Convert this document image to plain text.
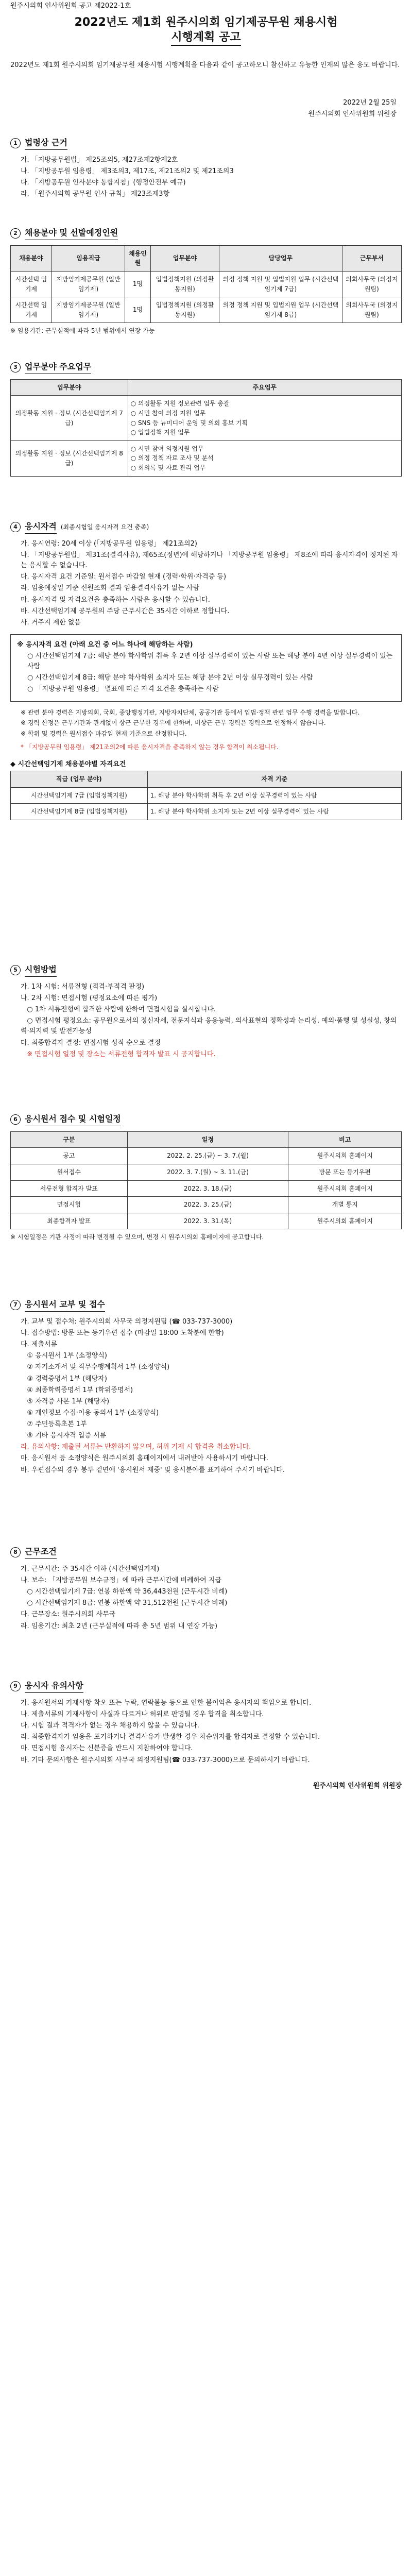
원주시의회 인사위원회 공고 제2022-1호
2022년도 제1회 원주시의회 임기제공무원 채용시험
시행계획 공고
2022년도 제1회 원주시의회 임기제공무원 채용시험 시행계획을 다음과 같이 공고하오니 참신하고 유능한 인재의 많은 응모 바랍니다.
2022년 2월 25일
원주시의회 인사위원회 위원장
1 법령상 근거
가. 「지방공무원법」 제25조의5, 제27조제2항제2호
나. 「지방공무원 임용령」 제3조의3, 제17조, 제21조의2 및 제21조의3
다. 「지방공무원 인사분야 통합지침」(행정안전부 예규)
라. 「원주시의회 공무원 인사 규칙」 제23조제3항
2 채용분야 및 선발예정인원
채용분야	임용직급	채용인원	업무분야	담당업무	근무부서
시간선택 임기제	지방임기제공무원 (일반임기제)	1명	입법정책지원 (의정활동지원)	의정 정책 지원 및 입법지원 업무 (시간선택임기제 7급)	의회사무국 (의정지원팀)
시간선택 임기제	지방임기제공무원 (일반임기제)	1명	입법정책지원 (의정활동지원)	의정 정책 지원 및 입법지원 업무 (시간선택임기제 8급)	의회사무국 (의정지원팀)
※ 임용기간: 근무실적에 따라 5년 범위에서 연장 가능
3 업무분야 주요업무
업무분야	주요업무
의정활동 지원 · 정보 (시간선택임기제 7급)	○ 의정활동 지원 정보관련 업무 총괄
○ 시민 참여 의정 지원 업무
○ SNS 등 뉴미디어 운영 및 의회 홍보 기획
○ 입법정책 지원 업무
의정활동 지원 · 정보 (시간선택임기제 8급)	○ 시민 참여 의정지원 업무
○ 의정 정책 자료 조사 및 분석
○ 회의록 및 자료 관리 업무
4 응시자격 (최종시험일 응시자격 요건 충족)
가. 응시연령: 20세 이상 (「지방공무원 임용령」 제21조의2)
나. 「지방공무원법」 제31조(결격사유), 제65조(정년)에 해당하거나 「지방공무원 임용령」 제8조에 따라 응시자격이 정지된 자는 응시할 수 없습니다.
다. 응시자격 요건 기준일: 원서접수 마감일 현재 (경력·학위·자격증 등)
라. 임용예정일 기준 신원조회 결과 임용결격사유가 없는 사람
마. 응시자격 및 자격요건을 충족하는 사람은 응시할 수 있습니다.
바. 시간선택임기제 공무원의 주당 근무시간은 35시간 이하로 정합니다.
사. 거주지 제한 없음
※ 응시자격 요건 (아래 요건 중 어느 하나에 해당하는 사람)
○ 시간선택임기제 7급: 해당 분야 학사학위 취득 후 2년 이상 실무경력이 있는 사람 또는 해당 분야 4년 이상 실무경력이 있는 사람
○ 시간선택임기제 8급: 해당 분야 학사학위 소지자 또는 해당 분야 2년 이상 실무경력이 있는 사람
○ 「지방공무원 임용령」 별표에 따른 자격 요건을 충족하는 사람
※ 관련 분야 경력은 지방의회, 국회, 중앙행정기관, 지방자치단체, 공공기관 등에서 입법·정책 관련 업무 수행 경력을 말합니다.
※ 경력 산정은 근무기간과 관계없이 상근 근무한 경우에 한하며, 비상근 근무 경력은 경력으로 인정하지 않습니다.
※ 학위 및 경력은 원서접수 마감일 현재 기준으로 산정합니다.
* 「지방공무원 임용령」 제21조의2에 따른 응시자격을 충족하지 않는 경우 합격이 취소됩니다.
◆ 시간선택임기제 채용분야별 자격요건
직급 (업무 분야)	자격 기준
시간선택임기제 7급 (입법정책지원)	1. 해당 분야 학사학위 취득 후 2년 이상 실무경력이 있는 사람
시간선택임기제 8급 (입법정책지원)	1. 해당 분야 학사학위 소지자 또는 2년 이상 실무경력이 있는 사람
5 시험방법
가. 1차 시험: 서류전형 (적격·부적격 판정)
나. 2차 시험: 면접시험 (평정요소에 따른 평가)
○ 1차 서류전형에 합격한 사람에 한하여 면접시험을 실시합니다.
○ 면접시험 평정요소: 공무원으로서의 정신자세, 전문지식과 응용능력, 의사표현의 정확성과 논리성, 예의·품행 및 성실성, 창의력·의지력 및 발전가능성
다. 최종합격자 결정: 면접시험 성적 순으로 결정
※ 면접시험 일정 및 장소는 서류전형 합격자 발표 시 공지합니다.
6 응시원서 접수 및 시험일정
구분	일정	비고
공고	2022. 2. 25.(금) ~ 3. 7.(월)	원주시의회 홈페이지
원서접수	2022. 3. 7.(월) ~ 3. 11.(금)	방문 또는 등기우편
서류전형 합격자 발표	2022. 3. 18.(금)	원주시의회 홈페이지
면접시험	2022. 3. 25.(금)	개별 통지
최종합격자 발표	2022. 3. 31.(목)	원주시의회 홈페이지
※ 시험일정은 기관 사정에 따라 변경될 수 있으며, 변경 시 원주시의회 홈페이지에 공고합니다.
7 응시원서 교부 및 접수
가. 교부 및 접수처: 원주시의회 사무국 의정지원팀 (☎ 033-737-3000)
나. 접수방법: 방문 또는 등기우편 접수 (마감일 18:00 도착분에 한함)
다. 제출서류
① 응시원서 1부 (소정양식)
② 자기소개서 및 직무수행계획서 1부 (소정양식)
③ 경력증명서 1부 (해당자)
④ 최종학력증명서 1부 (학위증명서)
⑤ 자격증 사본 1부 (해당자)
⑥ 개인정보 수집·이용 동의서 1부 (소정양식)
⑦ 주민등록초본 1부
⑧ 기타 응시자격 입증 서류
라. 유의사항: 제출된 서류는 반환하지 않으며, 허위 기재 시 합격을 취소합니다.
마. 응시원서 등 소정양식은 원주시의회 홈페이지에서 내려받아 사용하시기 바랍니다.
바. 우편접수의 경우 봉투 겉면에 '응시원서 재중' 및 응시분야를 표기하여 주시기 바랍니다.
8 근무조건
가. 근무시간: 주 35시간 이하 (시간선택임기제)
나. 보수: 「지방공무원 보수규정」에 따라 근무시간에 비례하여 지급
○ 시간선택임기제 7급: 연봉 하한액 약 36,443천원 (근무시간 비례)
○ 시간선택임기제 8급: 연봉 하한액 약 31,512천원 (근무시간 비례)
다. 근무장소: 원주시의회 사무국
라. 임용기간: 최초 2년 (근무실적에 따라 총 5년 범위 내 연장 가능)
9 응시자 유의사항
가. 응시원서의 기재사항 착오 또는 누락, 연락불능 등으로 인한 불이익은 응시자의 책임으로 합니다.
나. 제출서류의 기재사항이 사실과 다르거나 허위로 판명될 경우 합격을 취소합니다.
다. 시험 결과 적격자가 없는 경우 채용하지 않을 수 있습니다.
라. 최종합격자가 임용을 포기하거나 결격사유가 발생한 경우 차순위자를 합격자로 결정할 수 있습니다.
마. 면접시험 응시자는 신분증을 반드시 지참하여야 합니다.
바. 기타 문의사항은 원주시의회 사무국 의정지원팀(☎ 033-737-3000)으로 문의하시기 바랍니다.
원주시의회 인사위원회 위원장
